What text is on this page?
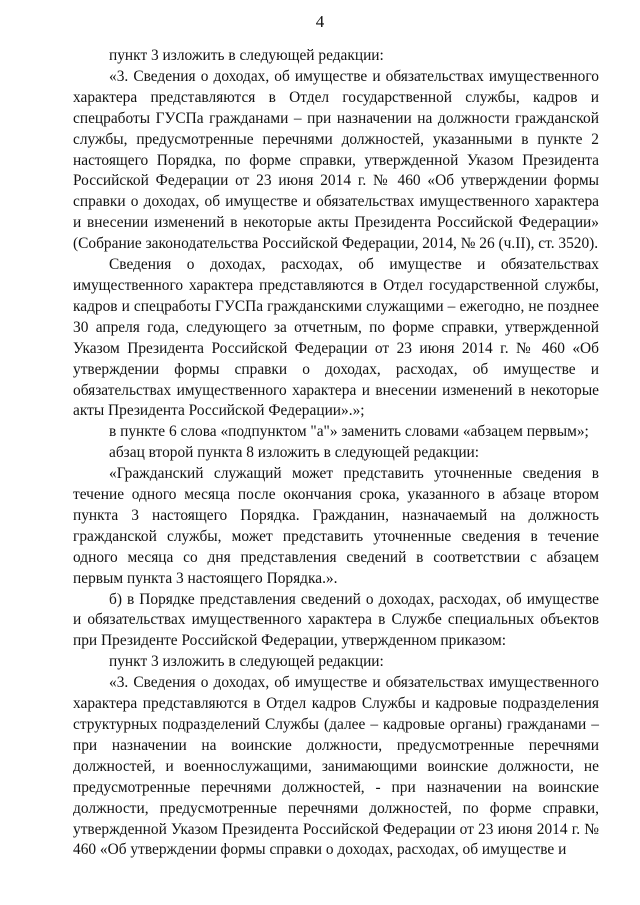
4

пункт 3 изложить в следующей редакции:

«3. Сведения о доходах, об имуществе и обязательствах имущественного характера представляются в Отдел государственной службы, кадров и спецработы ГУСПа гражданами – при назначении на должности гражданской службы, предусмотренные перечнями должностей, указанными в пункте 2 настоящего Порядка, по форме справки, утвержденной Указом Президента Российской Федерации от 23 июня 2014 г. № 460 «Об утверждении формы справки о доходах, об имуществе и обязательствах имущественного характера и внесении изменений в некоторые акты Президента Российской Федерации» (Собрание законодательства Российской Федерации, 2014, № 26 (ч.II), ст. 3520).

Сведения о доходах, расходах, об имуществе и обязательствах имущественного характера представляются в Отдел государственной службы, кадров и спецработы ГУСПа гражданскими служащими – ежегодно, не позднее 30 апреля года, следующего за отчетным, по форме справки, утвержденной Указом Президента Российской Федерации от 23 июня 2014 г. № 460 «Об утверждении формы справки о доходах, расходах, об имуществе и обязательствах имущественного характера и внесении изменений в некоторые акты Президента Российской Федерации».»;

в пункте 6 слова «подпунктом "а"» заменить словами «абзацем первым»;

абзац второй пункта 8 изложить в следующей редакции:

«Гражданский служащий может представить уточненные сведения в течение одного месяца после окончания срока, указанного в абзаце втором пункта 3 настоящего Порядка. Гражданин, назначаемый на должность гражданской службы, может представить уточненные сведения в течение одного месяца со дня представления сведений в соответствии с абзацем первым пункта 3 настоящего Порядка.».

б) в Порядке представления сведений о доходах, расходах, об имуществе и обязательствах имущественного характера в Службе специальных объектов при Президенте Российской Федерации, утвержденном приказом:

пункт 3 изложить в следующей редакции:

«3. Сведения о доходах, об имуществе и обязательствах имущественного характера представляются в Отдел кадров Службы и кадровые подразделения структурных подразделений Службы (далее – кадровые органы) гражданами – при назначении на воинские должности, предусмотренные перечнями должностей, и военнослужащими, занимающими воинские должности, не предусмотренные перечнями должностей, - при назначении на воинские должности, предусмотренные перечнями должностей, по форме справки, утвержденной Указом Президента Российской Федерации от 23 июня 2014 г. № 460 «Об утверждении формы справки о доходах, расходах, об имуществе и
